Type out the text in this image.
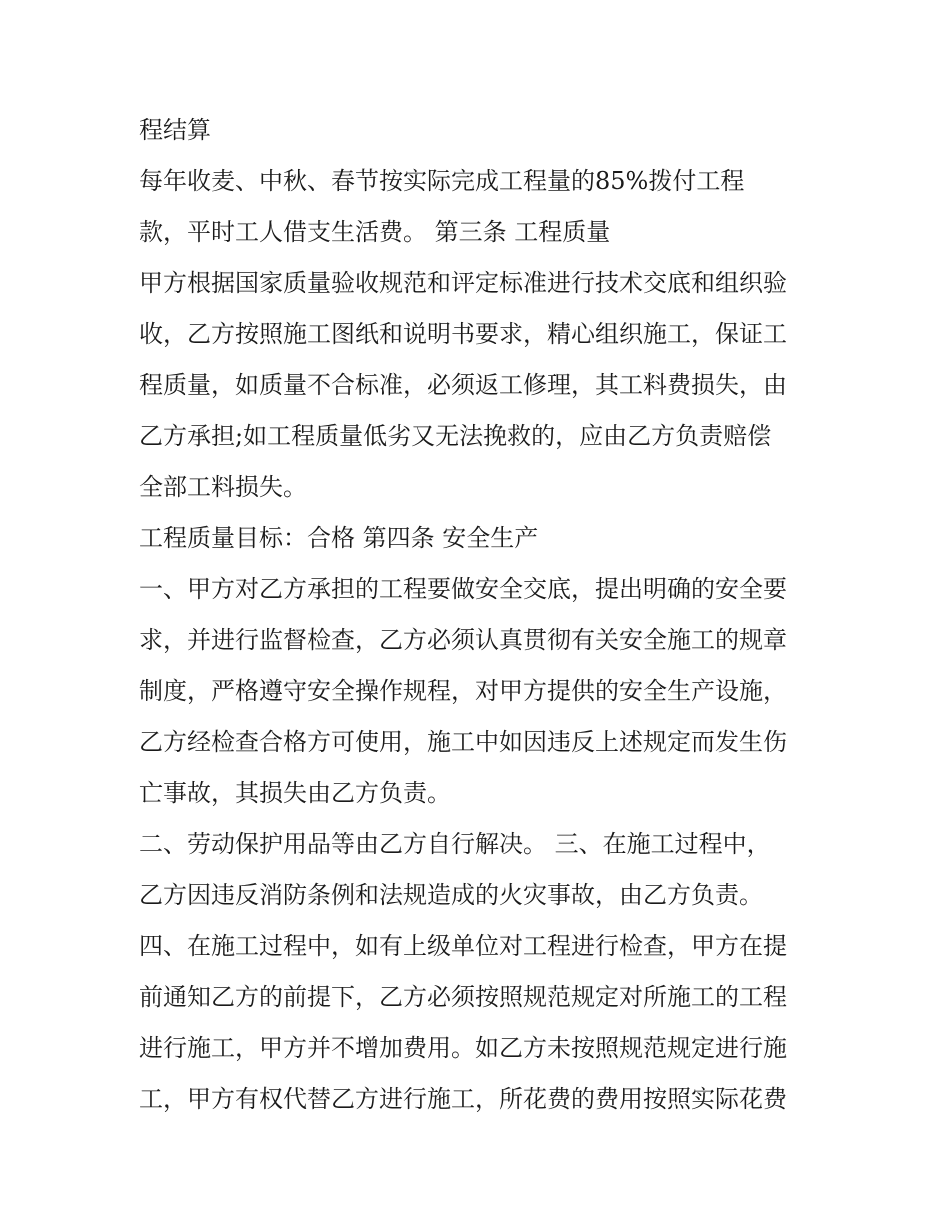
程结算
每年收麦、中秋、春节按实际完成工程量的85%拨付工程
款，平时工人借支生活费。 第三条 工程质量
甲方根据国家质量验收规范和评定标准进行技术交底和组织验
收，乙方按照施工图纸和说明书要求，精心组织施工，保证工
程质量，如质量不合标准，必须返工修理，其工料费损失，由
乙方承担;如工程质量低劣又无法挽救的，应由乙方负责赔偿
全部工料损失。
工程质量目标：合格 第四条 安全生产
一、甲方对乙方承担的工程要做安全交底，提出明确的安全要
求，并进行监督检查，乙方必须认真贯彻有关安全施工的规章
制度，严格遵守安全操作规程，对甲方提供的安全生产设施，
乙方经检查合格方可使用，施工中如因违反上述规定而发生伤
亡事故，其损失由乙方负责。
二、劳动保护用品等由乙方自行解决。 三、在施工过程中，
乙方因违反消防条例和法规造成的火灾事故，由乙方负责。
四、在施工过程中，如有上级单位对工程进行检查，甲方在提
前通知乙方的前提下，乙方必须按照规范规定对所施工的工程
进行施工，甲方并不增加费用。如乙方未按照规范规定进行施
工，甲方有权代替乙方进行施工，所花费的费用按照实际花费
